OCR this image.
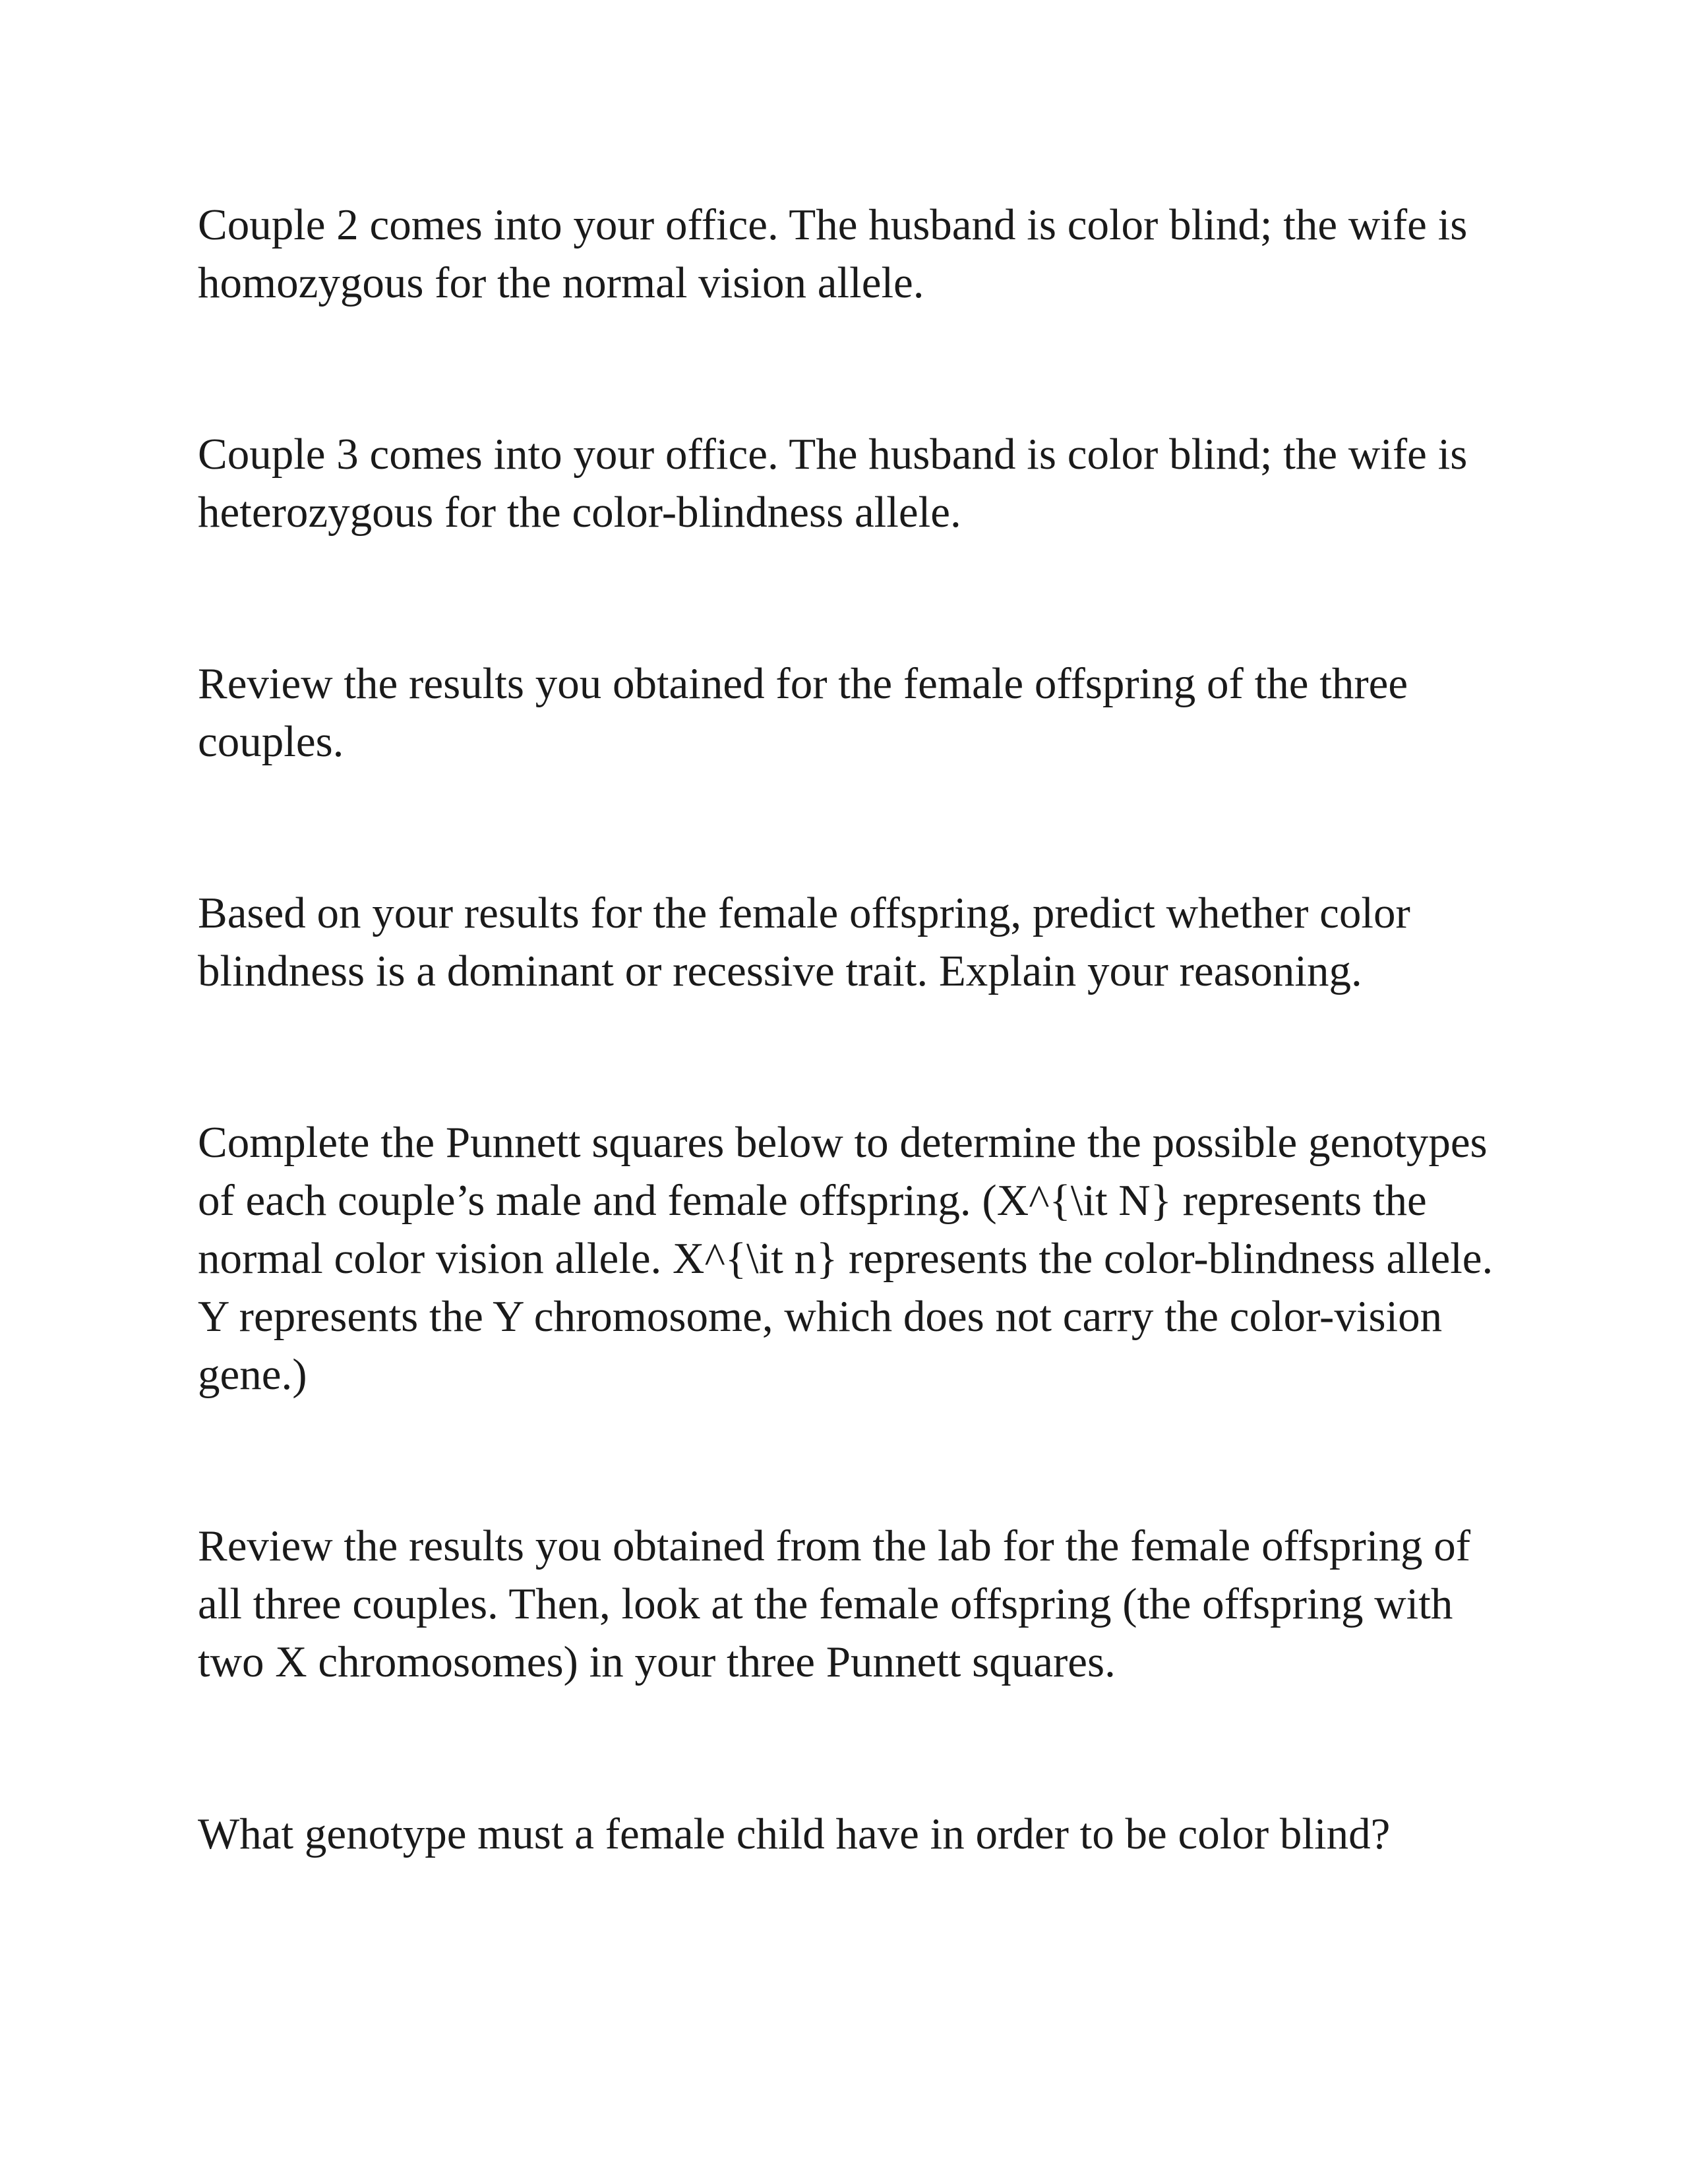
Couple 2 comes into your office. The husband is color blind; the wife is
homozygous for the normal vision allele.

Couple 3 comes into your office. The husband is color blind; the wife is
heterozygous for the color-blindness allele.

Review the results you obtained for the female offspring of the three
couples.

Based on your results for the female offspring, predict whether color
blindness is a dominant or recessive trait. Explain your reasoning.

Complete the Punnett squares below to determine the possible genotypes
of each couple’s male and female offspring. (X^{\it N} represents the
normal color vision allele. X^{\it n} represents the color-blindness allele.
Y represents the Y chromosome, which does not carry the color-vision
gene.)

Review the results you obtained from the lab for the female offspring of
all three couples. Then, look at the female offspring (the offspring with
two X chromosomes) in your three Punnett squares.

What genotype must a female child have in order to be color blind?
